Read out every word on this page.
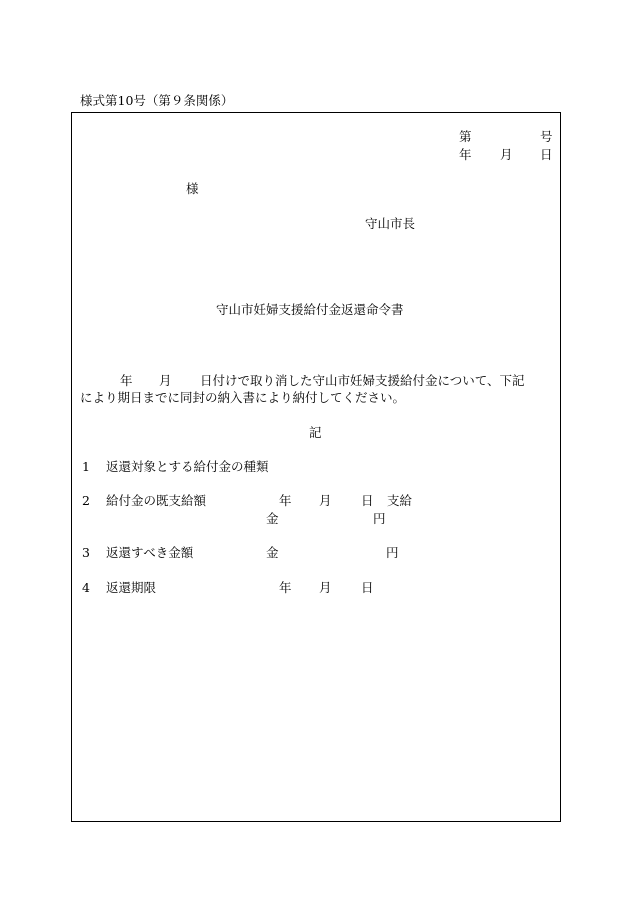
様式第10号（第９条関係）
第	号
年 月 日
様
守山市長
守山市妊婦支援給付金返還命令書
年 月 日付けで取り消した守山市妊婦支援給付金について、下記
により期日までに同封の納入書により納付してください。
記
1 返還対象とする給付金の種類
2 給付金の既支給額	年 月 日 支給
金	円
3 返還すべき金額	金	円
4 返還期限	年 月 日
